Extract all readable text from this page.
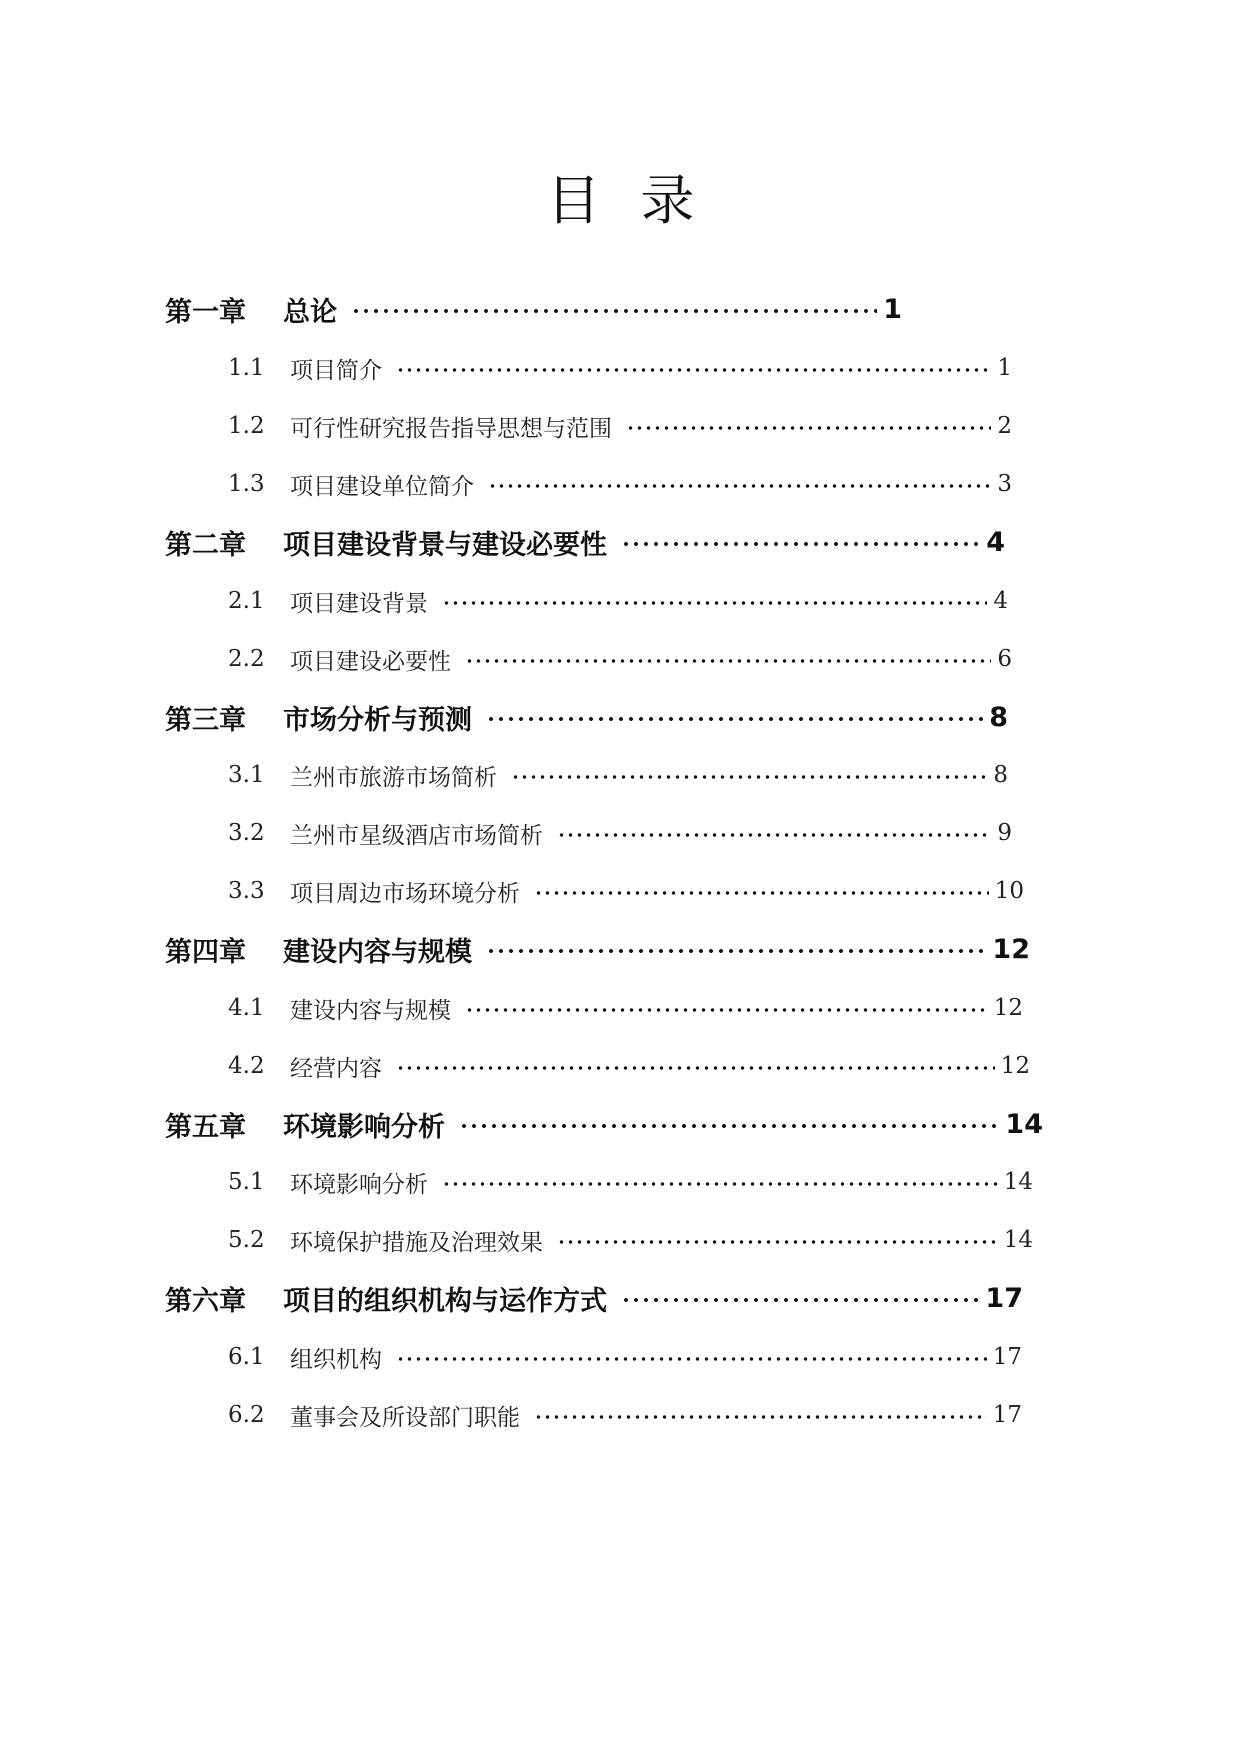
目 录
第一章	总论	1
1.1	项目简介	1
1.2	可行性研究报告指导思想与范围	2
1.3	项目建设单位简介	3
第二章	项目建设背景与建设必要性	4
2.1	项目建设背景	4
2.2	项目建设必要性	6
第三章	市场分析与预测	8
3.1	兰州市旅游市场简析	8
3.2	兰州市星级酒店市场简析	9
3.3	项目周边市场环境分析	10
第四章	建设内容与规模	12
4.1	建设内容与规模	12
4.2	经营内容	12
第五章	环境影响分析	14
5.1	环境影响分析	14
5.2	环境保护措施及治理效果	14
第六章	项目的组织机构与运作方式	17
6.1	组织机构	17
6.2	董事会及所设部门职能	17
